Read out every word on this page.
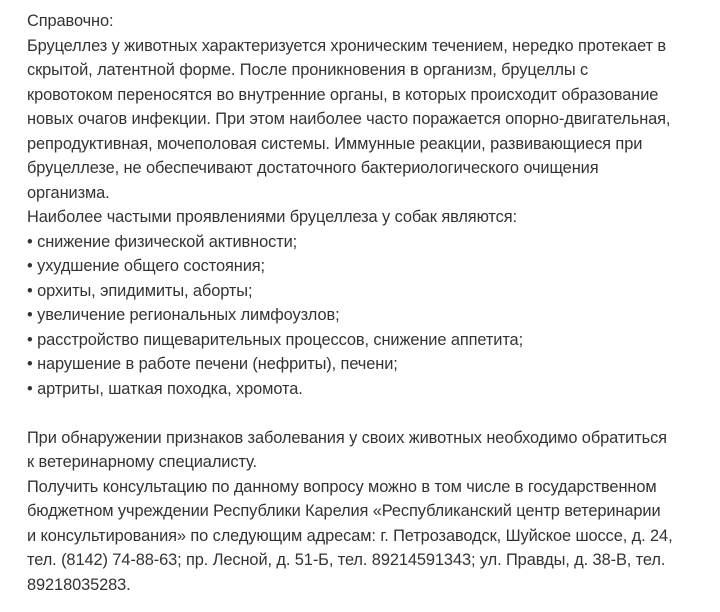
Справочно:
Бруцеллез у животных характеризуется хроническим течением, нередко протекает в
скрытой, латентной форме. После проникновения в организм, бруцеллы с
кровотоком переносятся во внутренние органы, в которых происходит образование
новых очагов инфекции. При этом наиболее часто поражается опорно-двигательная,
репродуктивная, мочеполовая системы. Иммунные реакции, развивающиеся при
бруцеллезе, не обеспечивают достаточного бактериологического очищения
организма.
Наиболее частыми проявлениями бруцеллеза у собак являются:
• снижение физической активности;
• ухудшение общего состояния;
• орхиты, эпидимиты, аборты;
• увеличение региональных лимфоузлов;
• расстройство пищеварительных процессов, снижение аппетита;
• нарушение в работе печени (нефриты), печени;
• артриты, шаткая походка, хромота.
При обнаружении признаков заболевания у своих животных необходимо обратиться
к ветеринарному специалисту.
Получить консультацию по данному вопросу можно в том числе в государственном
бюджетном учреждении Республики Карелия «Республиканский центр ветеринарии
и консультирования» по следующим адресам: г. Петрозаводск, Шуйское шоссе, д. 24,
тел. (8142) 74-88-63; пр. Лесной, д. 51-Б, тел. 89214591343; ул. Правды, д. 38-В, тел.
89218035283.
